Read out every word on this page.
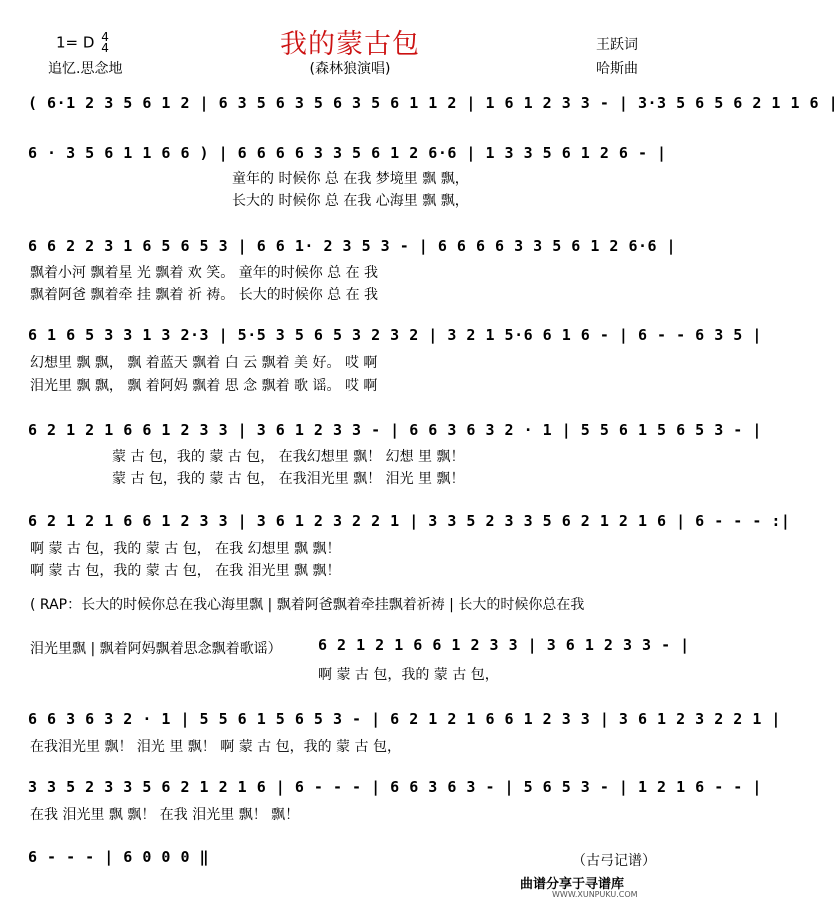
我的蒙古包
1= D 4
4
追忆.思念地	(森林狼演唱)
王跃词
哈斯曲
( 6·1 2 3 5 6 1 2 | 6 3 5 6 3 5 6 3 5 6 1 1 2 | 1 6 1 2 3 3 - | 3·3 5 6 5 6 2 1 1 6 |
6 · 3 5 6 1 1 6 6 ) | 6 6 6 6 3 3 5 6 1 2 6·6 | 1 3 3 5 6 1 2 6 - |
童年的 时候你 总 在我 梦境里 飘 飘，
长大的 时候你 总 在我 心海里 飘 飘，
6 6 2 2 3 1 6 5 6 5 3 | 6 6 1· 2 3 5 3 - | 6 6 6 6 3 3 5 6 1 2 6·6 |
飘着小河 飘着星 光 飘着 欢 笑。 童年的时候你 总 在 我
飘着阿爸 飘着牵 挂 飘着 祈 祷。 长大的时候你 总 在 我
6 1 6 5 3 3 1 3 2·3 | 5·5 3 5 6 5 3 2 3 2 | 3 2 1 5·6 6 1 6 - | 6 - - 6 3 5 |
幻想里 飘 飘， 飘 着蓝天 飘着 白 云 飘着 美 好。 哎 啊
泪光里 飘 飘， 飘 着阿妈 飘着 思 念 飘着 歌 谣。 哎 啊
6 2 1 2 1 6 6 1 2 3 3 | 3 6 1 2 3 3 - | 6 6 3 6 3 2 · 1 | 5 5 6 1 5 6 5 3 - |
蒙 古 包，我的 蒙 古 包， 在我幻想里 飘！ 幻想 里 飘！
蒙 古 包，我的 蒙 古 包， 在我泪光里 飘！ 泪光 里 飘！
6 2 1 2 1 6 6 1 2 3 3 | 3 6 1 2 3 2 2 1 | 3 3 5 2 3 3 5 6 2 1 2 1 6 | 6 - - - :|
啊 蒙 古 包，我的 蒙 古 包， 在我 幻想里 飘 飘！
啊 蒙 古 包，我的 蒙 古 包， 在我 泪光里 飘 飘！
( RAP：长大的时候你总在我心海里飘 | 飘着阿爸飘着牵挂飘着祈祷 | 长大的时候你总在我
泪光里飘 | 飘着阿妈飘着思念飘着歌谣） 6 2 1 2 1 6 6 1 2 3 3 | 3 6 1 2 3 3 - |
啊 蒙 古 包，我的 蒙 古 包，
6 6 3 6 3 2 · 1 | 5 5 6 1 5 6 5 3 - | 6 2 1 2 1 6 6 1 2 3 3 | 3 6 1 2 3 2 2 1 |
在我泪光里 飘！ 泪光 里 飘！ 啊 蒙 古 包，我的 蒙 古 包，
3 3 5 2 3 3 5 6 2 1 2 1 6 | 6 - - - | 6 6 3 6 3 - | 5 6 5 3 - | 1 2 1 6 - - |
在我 泪光里 飘 飘！ 在我 泪光里 飘！ 飘！
6 - - - | 6 0 0 0 ‖	（古弓记谱）
曲谱分享于寻谱库
WWW.XUNPUKU.COM
